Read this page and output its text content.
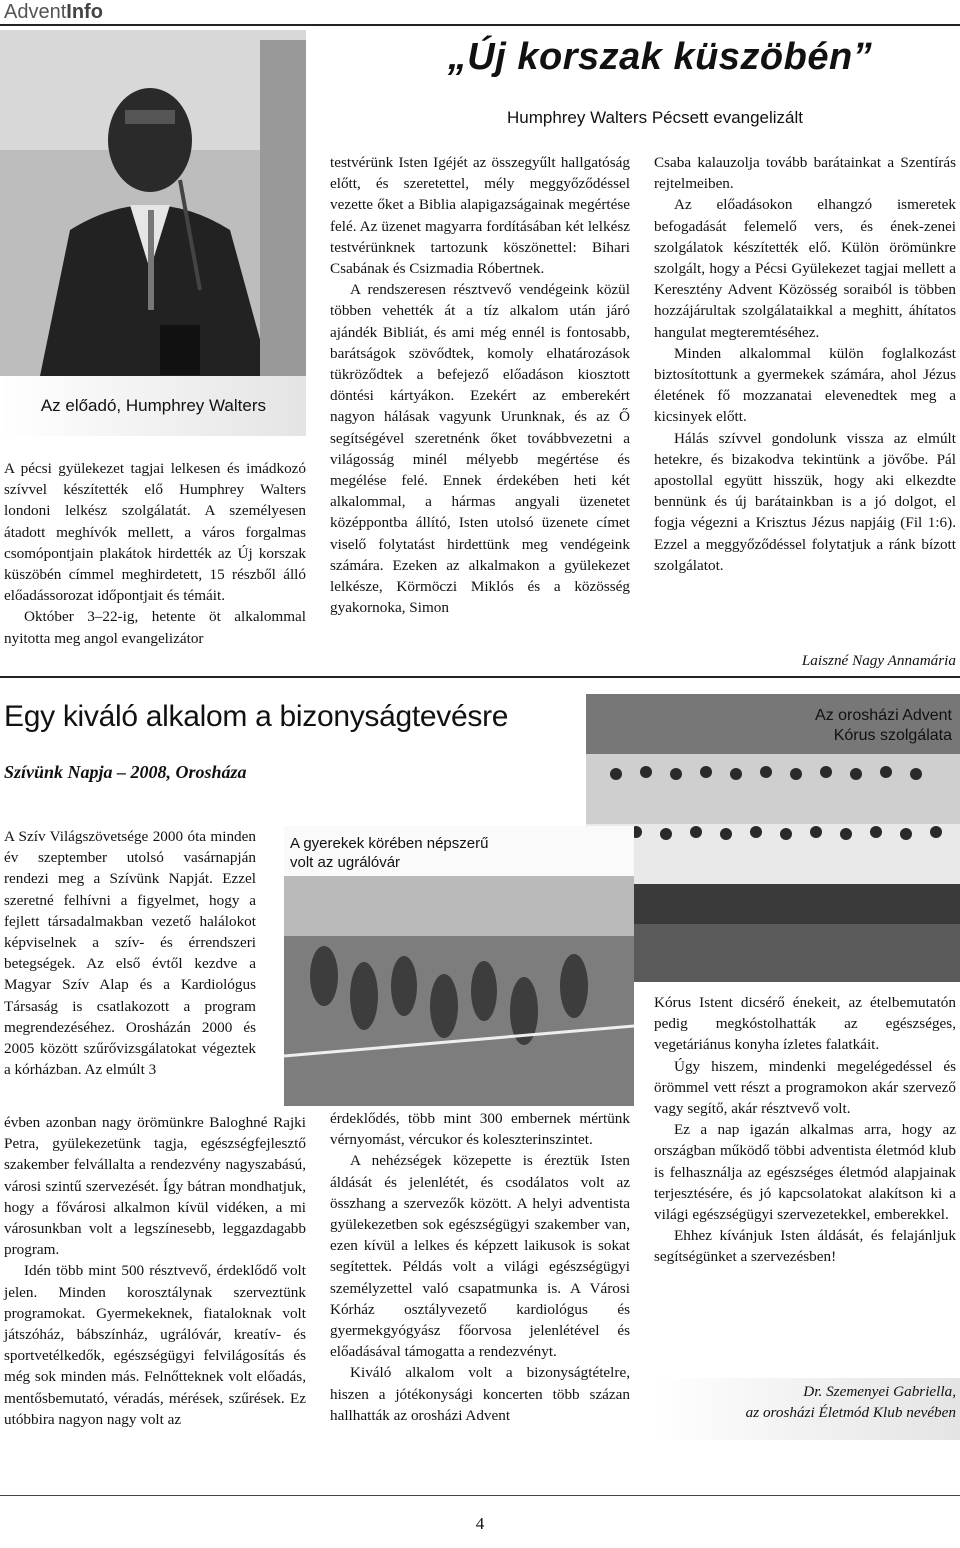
AdventInfo
„Új korszak küszöbén”
Humphrey Walters Pécsett evangelizált
Az előadó, Humphrey Walters

A pécsi gyülekezet tagjai lelkesen és imádkozó szívvel készítették elő Humphrey Walters londoni lelkész szolgálatát. A személyesen átadott meghívók mellett, a város forgalmas csomópontjain plakátok hirdették az Új korszak küszöbén címmel meghirdetett, 15 részből álló előadássorozat időpontjait és témáit.

Október 3–22-ig, hetente öt alkalommal nyitotta meg angol evangelizátor

testvérünk Isten Igéjét az összegyűlt hallgatóság előtt, és szeretettel, mély meggyőződéssel vezette őket a Biblia alapigazságainak megértése felé. Az üzenet magyarra fordításában két lelkész testvérünknek tartozunk köszönettel: Bihari Csabának és Csizmadia Róbertnek.

A rendszeresen résztvevő vendégeink közül többen vehették át a tíz alkalom után járó ajándék Bibliát, és ami még ennél is fontosabb, barátságok szövődtek, komoly elhatározások tükröződtek a befejező előadáson kiosztott döntési kártyákon. Ezekért az emberekért nagyon hálásak vagyunk Urunknak, és az Ő segítségével szeretnénk őket továbbvezetni a világosság minél mélyebb megértése és megélése felé. Ennek érdekében heti két alkalommal, a hármas angyali üzenetet középpontba állító, Isten utolsó üzenete címet viselő folytatást hirdettünk meg vendégeink számára. Ezeken az alkalmakon a gyülekezet lelkésze, Körmöczi Miklós és a közösség gyakornoka, Simon

Csaba kalauzolja tovább barátainkat a Szentírás rejtelmeiben.

Az előadásokon elhangzó ismeretek befogadását felemelő vers, és ének-zenei szolgálatok készítették elő. Külön örömünkre szolgált, hogy a Pécsi Gyülekezet tagjai mellett a Keresztény Advent Közösség soraiból is többen hozzájárultak szolgálataikkal a meghitt, áhítatos hangulat megteremtéséhez.

Minden alkalommal külön foglalkozást biztosítottunk a gyermekek számára, ahol Jézus életének fő mozzanatai elevenedtek meg a kicsinyek előtt.

Hálás szívvel gondolunk vissza az elmúlt hetekre, és bizakodva tekintünk a jövőbe. Pál apostollal együtt hisszük, hogy aki elkezdte bennünk és új barátainkban is a jó dolgot, el fogja végezni a Krisztus Jézus napjáig (Fil 1:6). Ezzel a meggyőződéssel folytatjuk a ránk bízott szolgálatot.

Laiszné Nagy Annamária
Egy kiváló alkalom a bizonyságtevésre
Szívünk Napja – 2008, Orosháza
Az orosházi Advent
Kórus szolgálata
A gyerekek körében népszerű
volt az ugrálóvár

A Szív Világszövetsége 2000 óta minden év szeptember utolsó vasárnapján rendezi meg a Szívünk Napját. Ezzel szeretné felhívni a figyelmet, hogy a fejlett társadalmakban vezető halálokot képviselnek a szív- és érrendszeri betegségek. Az első évtől kezdve a Magyar Szív Alap és a Kardiológus Társaság is csatlakozott a program megrendezéséhez. Orosházán 2000 és 2005 között szűrővizsgálatokat végeztek a kórházban. Az elmúlt 3

évben azonban nagy örömünkre Baloghné Rajki Petra, gyülekezetünk tagja, egészségfejlesztő szakember felvállalta a rendezvény nagyszabású, városi szintű szervezését. Így bátran mondhatjuk, hogy a fővárosi alkalmon kívül vidéken, a mi városunkban volt a legszínesebb, leggazdagabb program.

Idén több mint 500 résztvevő, érdeklődő volt jelen. Minden korosztálynak szerveztünk programokat. Gyermekeknek, fiataloknak volt játszóház, bábszínház, ugrálóvár, kreatív- és sportvetélkedők, egészségügyi felvilágosítás és még sok minden más. Felnőtteknek volt előadás, mentősbemutató, véradás, mérések, szűrések. Ez utóbbira nagyon nagy volt az

érdeklődés, több mint 300 embernek mértünk vérnyomást, vércukor és koleszterinszintet.

A nehézségek közepette is éreztük Isten áldását és jelenlétét, és csodálatos volt az összhang a szervezők között. A helyi adventista gyülekezetben sok egészségügyi szakember van, ezen kívül a lelkes és képzett laikusok is sokat segítettek. Példás volt a világi egészségügyi személyzettel való csapatmunka is. A Városi Kórház osztályvezető kardiológus és gyermekgyógyász főorvosa jelenlétével és előadásával támogatta a rendezvényt.

Kiváló alkalom volt a bizonyságtételre, hiszen a jótékonysági koncerten több százan hallhatták az orosházi Advent

Kórus Istent dicsérő énekeit, az ételbemutatón pedig megkóstolhatták az egészséges, vegetáriánus konyha ízletes falatkáit.

Úgy hiszem, mindenki megelégedéssel és örömmel vett részt a programokon akár szervező vagy segítő, akár résztvevő volt.

Ez a nap igazán alkalmas arra, hogy az országban működő többi adventista életmód klub is felhasználja az egészséges életmód alapjainak terjesztésére, és jó kapcsolatokat alakítson ki a világi egészségügyi szervezetekkel, emberekkel.

Ehhez kívánjuk Isten áldását, és felajánljuk segítségünket a szervezésben!

Dr. Szemenyei Gabriella,
az orosházi Életmód Klub nevében
4
